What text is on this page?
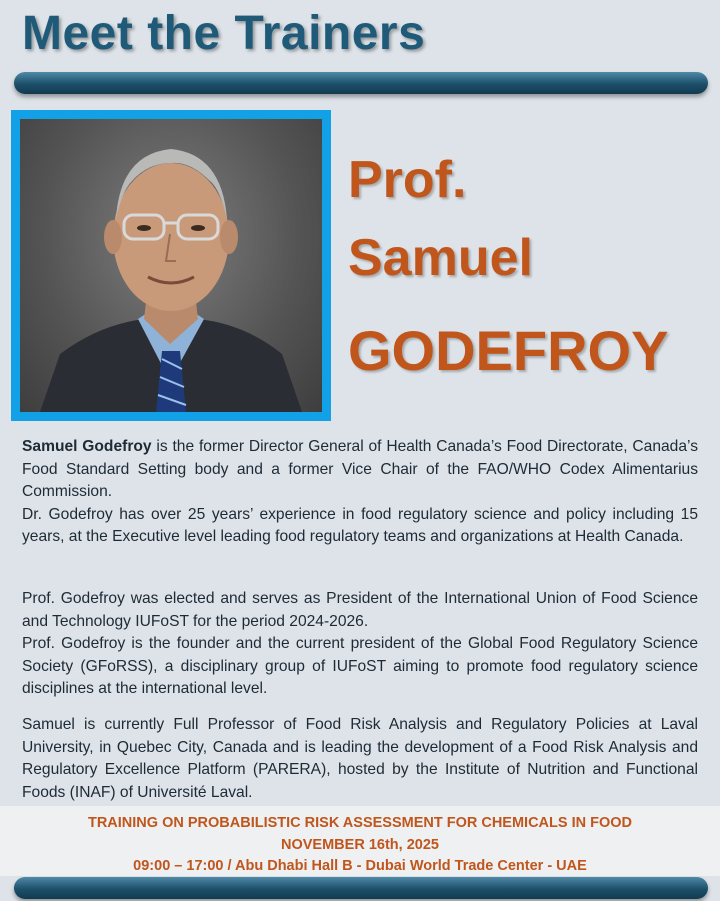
Meet the Trainers
Prof.
Samuel
GODEFROY

Samuel Godefroy is the former Director General of Health Canada’s Food Directorate, Canada’s Food Standard Setting body and a former Vice Chair of the FAO/WHO Codex Alimentarius Commission.

Dr. Godefroy has over 25 years’ experience in food regulatory science and policy including 15 years, at the Executive level leading food regulatory teams and organizations at Health Canada.

Prof. Godefroy was elected and serves as President of the International Union of Food Science and Technology IUFoST for the period 2024-2026.

Prof. Godefroy is the founder and the current president of the Global Food Regulatory Science Society (GFoRSS), a disciplinary group of IUFoST aiming to promote food regulatory science disciplines at the international level.

Samuel is currently Full Professor of Food Risk Analysis and Regulatory Policies at Laval University, in Quebec City, Canada and is leading the development of a Food Risk Analysis and Regulatory Excellence Platform (PARERA), hosted by the Institute of Nutrition and Functional Foods (INAF) of Université Laval.

TRAINING ON PROBABILISTIC RISK ASSESSMENT FOR CHEMICALS IN FOOD
NOVEMBER 16th, 2025
09:00 – 17:00 / Abu Dhabi Hall B - Dubai World Trade Center - UAE
